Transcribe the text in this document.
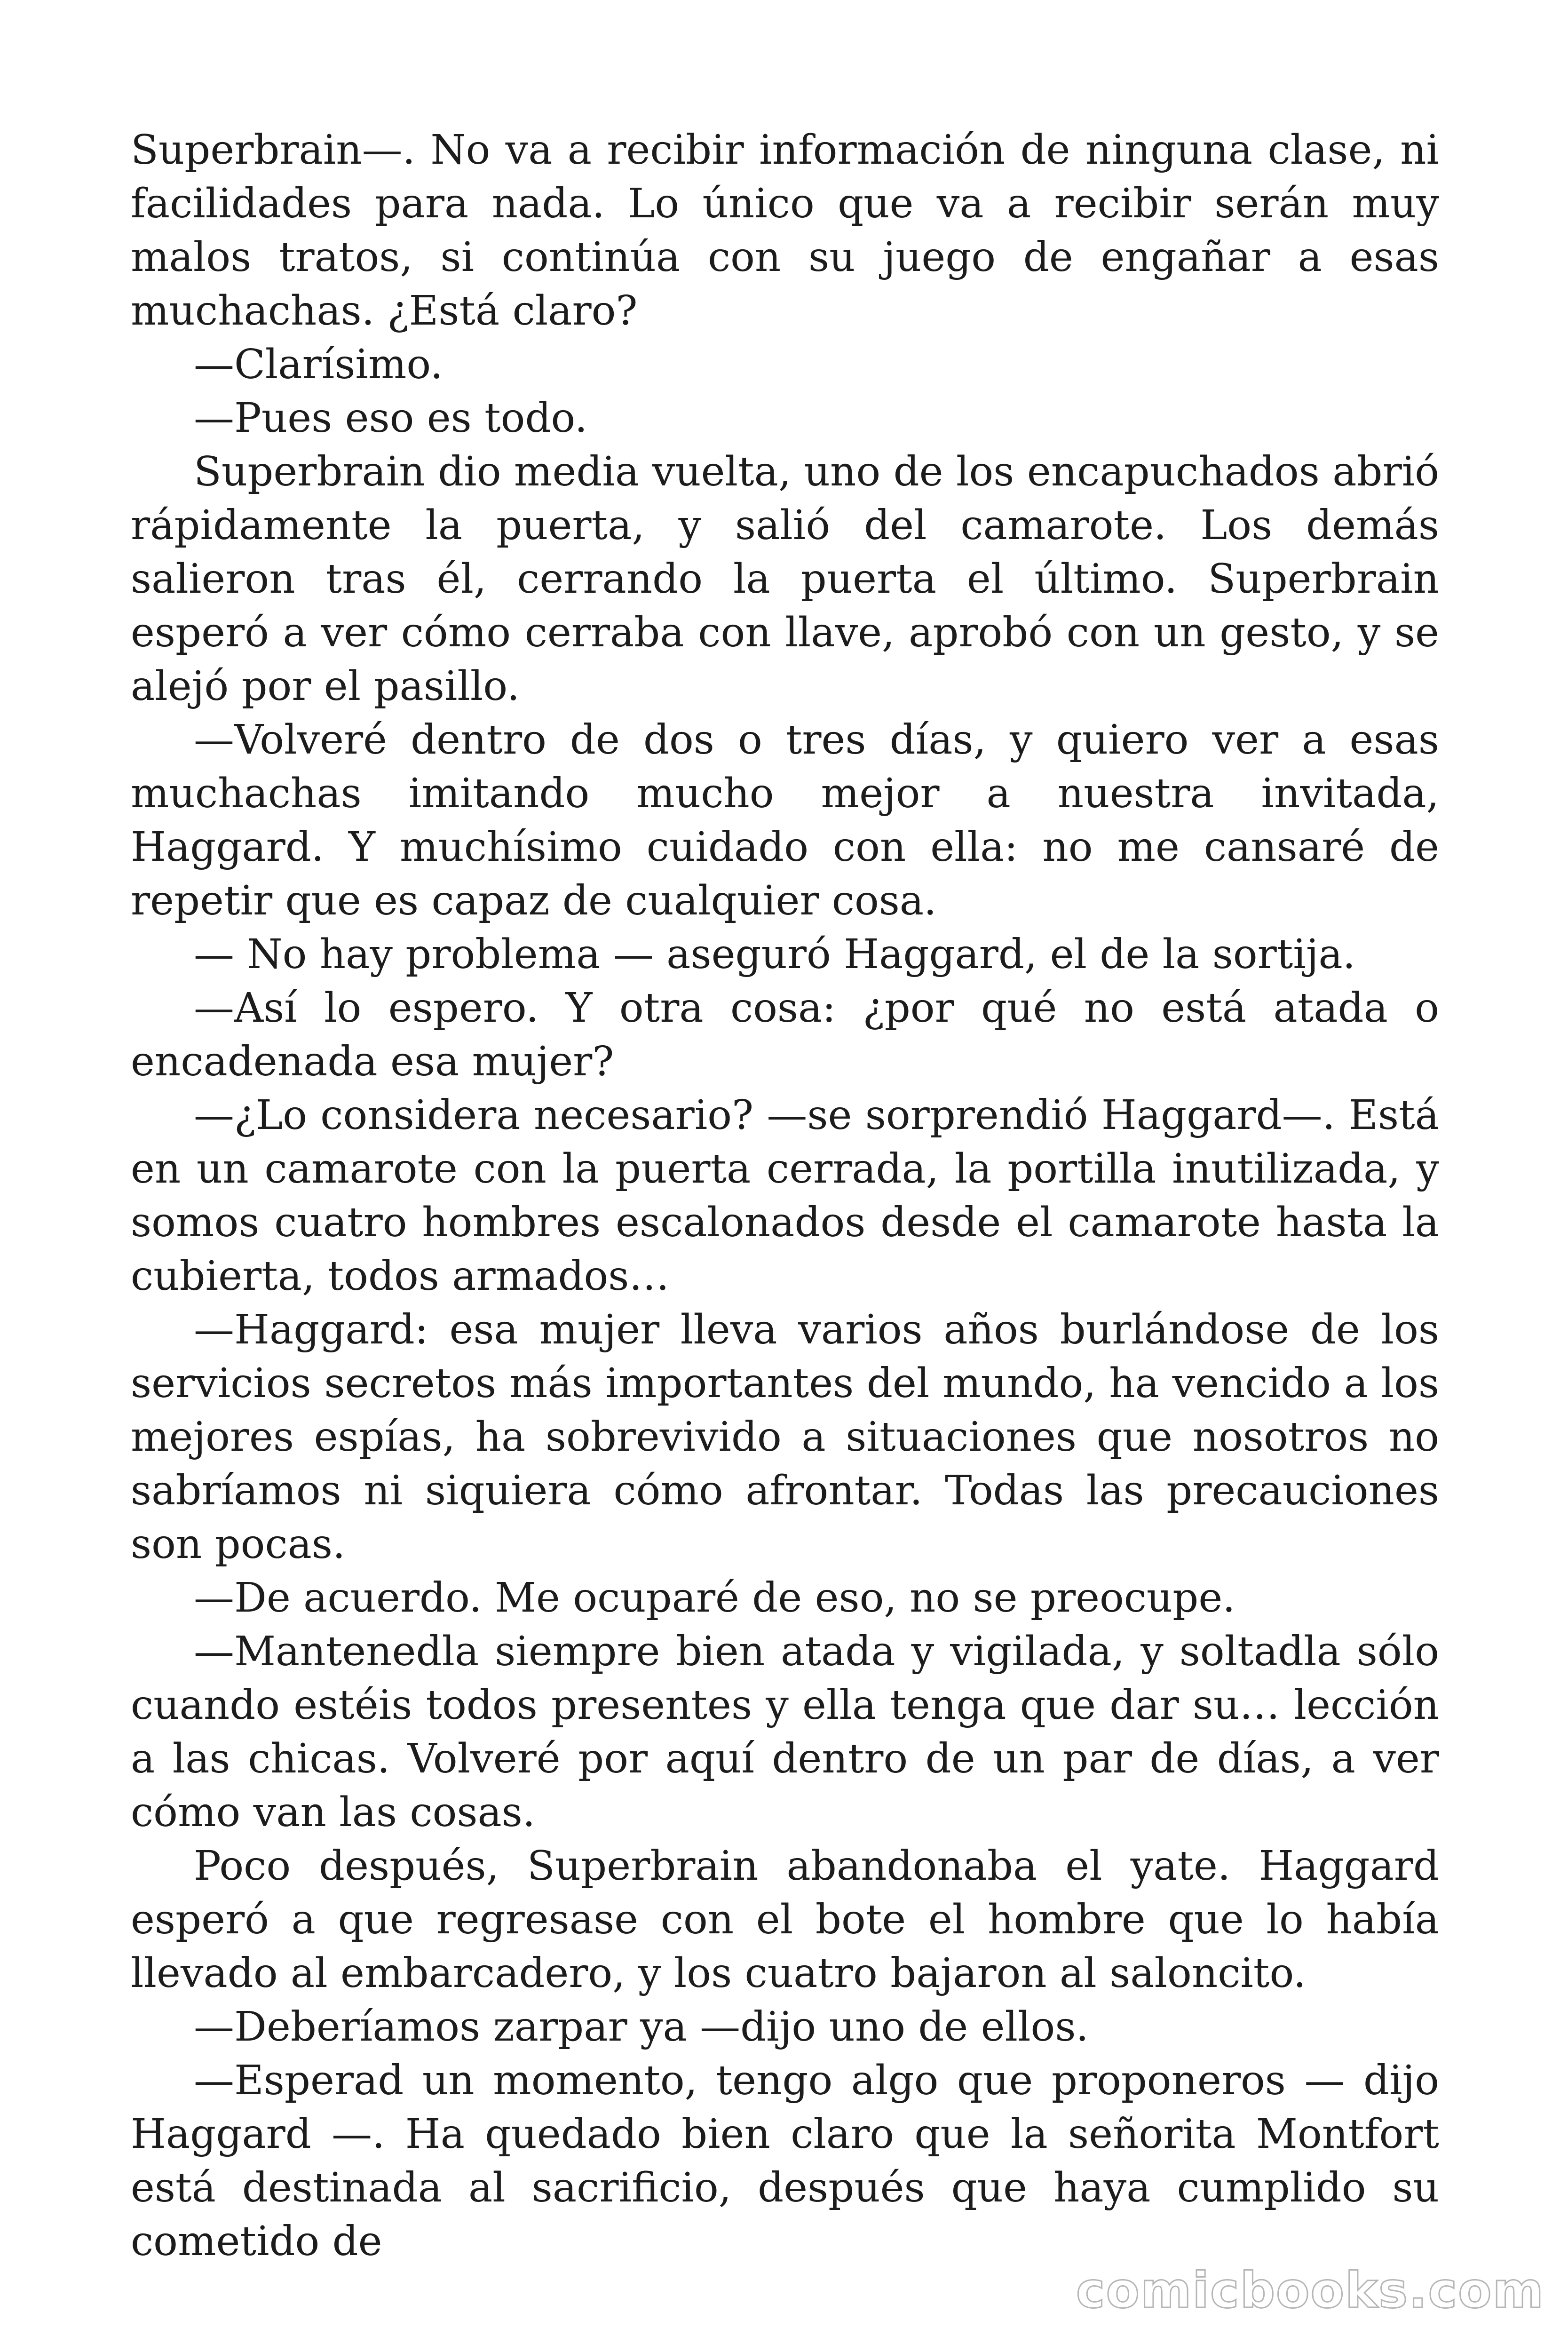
Superbrain—. No va a recibir información de ninguna clase, ni facilidades para nada. Lo único que va a recibir serán muy malos tratos, si continúa con su juego de engañar a esas muchachas. ¿Está claro?

—Clarísimo.

—Pues eso es todo.

Superbrain dio media vuelta, uno de los encapuchados abrió rápidamente la puerta, y salió del camarote. Los demás salieron tras él, cerrando la puerta el último. Superbrain esperó a ver cómo cerraba con llave, aprobó con un gesto, y se alejó por el pasillo.

—Volveré dentro de dos o tres días, y quiero ver a esas muchachas imitando mucho mejor a nuestra invitada, Haggard. Y muchísimo cuidado con ella: no me cansaré de repetir que es capaz de cualquier cosa.

— No hay problema — aseguró Haggard, el de la sortija.

—Así lo espero. Y otra cosa: ¿por qué no está atada o encadenada esa mujer?

—¿Lo considera necesario? —se sorprendió Haggard—. Está en un camarote con la puerta cerrada, la portilla inutilizada, y somos cuatro hombres escalonados desde el camarote hasta la cubierta, todos armados…

—Haggard: esa mujer lleva varios años burlándose de los servicios secretos más importantes del mundo, ha vencido a los mejores espías, ha sobrevivido a situaciones que nosotros no sabríamos ni siquiera cómo afrontar. Todas las precauciones son pocas.

—De acuerdo. Me ocuparé de eso, no se preocupe.

—Mantenedla siempre bien atada y vigilada, y soltadla sólo cuando estéis todos presentes y ella tenga que dar su… lección a las chicas. Volveré por aquí dentro de un par de días, a ver cómo van las cosas.

Poco después, Superbrain abandonaba el yate. Haggard esperó a que regresase con el bote el hombre que lo había llevado al embarcadero, y los cuatro bajaron al saloncito.

—Deberíamos zarpar ya —dijo uno de ellos.

—Esperad un momento, tengo algo que proponeros — dijo Haggard —. Ha quedado bien claro que la señorita Montfort está destinada al sacrificio, después que haya cumplido su cometido de

comicbooks.com
